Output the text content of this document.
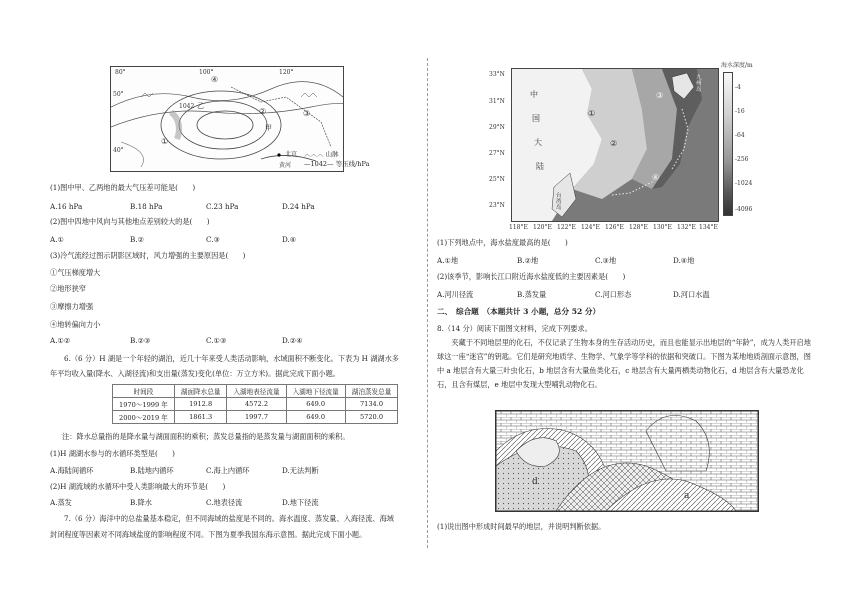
80°	100°	120°
50°
40°
乙
甲
①
②	③
④
1042
黄河
北京 ︿︿︿ 山脉
—1042— 等压线/hPa
(1)图中甲、乙两地的最大气压差可能是(　　)
A.16 hPa	B.18 hPa	C.23 hPa	D.24 hPa
(2)图中四地中风向与其他地点差别较大的是(　　)
A.①	B.②	C.③	D.④
(3)冷气流经过图示阴影区域时，风力增强的主要原因是(　　)
①气压梯度增大
②地形狭窄
③摩擦力增强
④地转偏向力小
A.①②	B.②③	C.①③	D.②④
6.（6 分）H 湖是一个年轻的湖泊，近几十年来受人类活动影响，水域面积不断变化。下表为 H 湖湖水多
年平均收入量(降水、入湖径流)和支出量(蒸发)变化(单位：万立方米)。据此完成下面小题。
时间段	湖面降水总量	入湖地表径流量	入湖地下径流量	湖泊蒸发总量
1970～1999 年	1912.8	4572.2	649.0	7134.0
2000～2019 年	1861.3	1997.7	649.0	5720.0
注：降水总量指的是降水量与湖面面积的乘积；蒸发总量指的是蒸发量与湖面面积的乘积。
(1)H 湖湖水参与的水循环类型是(　　)
A.海陆间循环	B.陆地内循环	C.海上内循环	D.无法判断
(2)H 湖流域的水循环中受人类影响最大的环节是(　　)
A.蒸发	B.降水	C.地表径流	D.地下径流
7.（6 分）海洋中的总盐量基本稳定，但不同海域的盐度是不同的。海水温度、蒸发量、入海径流、海域
封闭程度等因素对不同海域盐度的影响程度不同。下图为夏季我国东海示意图。据此完成下面小题。
中
国
大
陆
①
②
③
④
台湾岛
九州岛
33°N
31°N
29°N
27°N
25°N
23°N
118°E 120°E 122°E 124°E 126°E 128°E 130°E 132°E 134°E
海水深度/m
-4
-16
-64
-256
-1024
-4096
(1)下列地点中，海水盐度最高的是(　　)
A.①地	B.②地	C.③地	D.④地
(2)该季节，影响长江口附近海水盐度低的主要因素是(　　)
A.河川径流	B.蒸发量	C.河口形态	D.河口水温
二、　综合题　（本题共计 3 小题，总分 52 分）
8.（14 分）阅读下面图文材料，完成下列要求。
　　夹藏于不同地层里的化石，不仅记录了生物本身的生存活动历史，而且也能显示出地层的“年龄”，成为人类开启地球这一座“迷宫”的钥匙。它们是研究地质学、生物学、气象学等学科的依据和突破口。下图为某地地质剖面示意图，图中 a 地层含有大量三叶虫化石，b 地层含有大量鱼类化石，c 地层含有大量两栖类动物化石，d 地层含有大量恐龙化石，且含有煤层，e 地层中发现大型哺乳动物化石。
d
a
(1)说出图中形成时间最早的地层，并说明判断依据。
